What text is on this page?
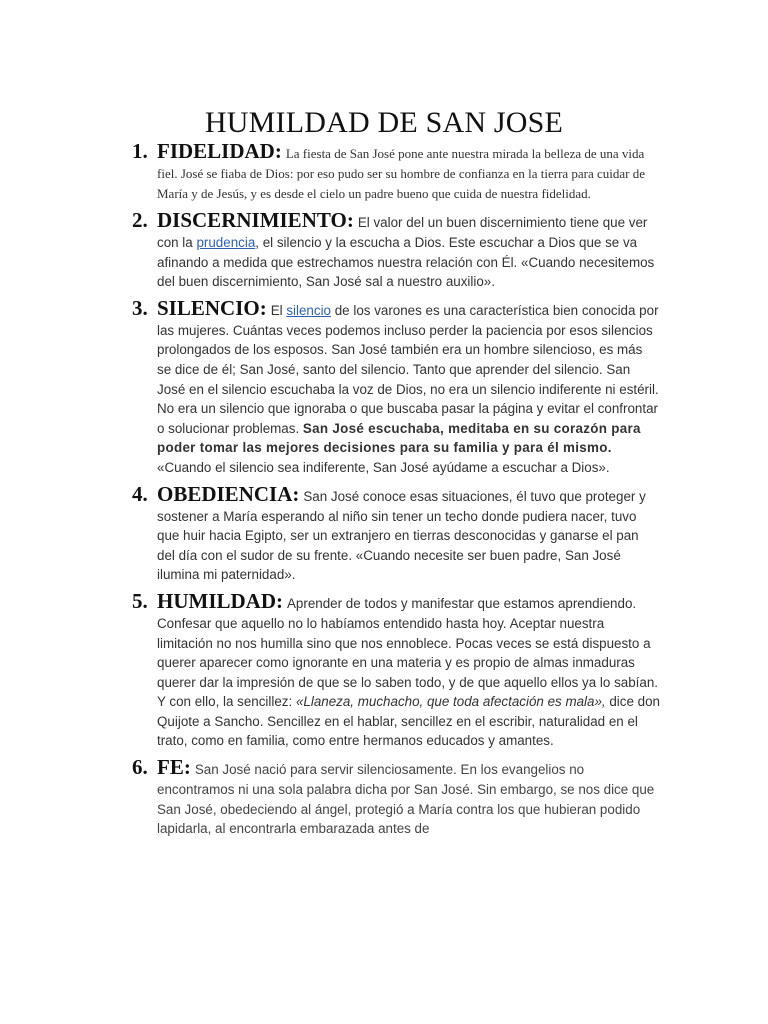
HUMILDAD DE SAN JOSE
1. FIDELIDAD: La fiesta de San José pone ante nuestra mirada la belleza de una vida fiel. José se fiaba de Dios: por eso pudo ser su hombre de confianza en la tierra para cuidar de María y de Jesús, y es desde el cielo un padre bueno que cuida de nuestra fidelidad.
2. DISCERNIMIENTO: El valor del un buen discernimiento tiene que ver con la prudencia, el silencio y la escucha a Dios. Este escuchar a Dios que se va afinando a medida que estrechamos nuestra relación con Él. «Cuando necesitemos del buen discernimiento, San José sal a nuestro auxilio».
3. SILENCIO: El silencio de los varones es una característica bien conocida por las mujeres. Cuántas veces podemos incluso perder la paciencia por esos silencios prolongados de los esposos. San José también era un hombre silencioso, es más se dice de él; San José, santo del silencio. Tanto que aprender del silencio. San José en el silencio escuchaba la voz de Dios, no era un silencio indiferente ni estéril. No era un silencio que ignoraba o que buscaba pasar la página y evitar el confrontar o solucionar problemas. San José escuchaba, meditaba en su corazón para poder tomar las mejores decisiones para su familia y para él mismo. «Cuando el silencio sea indiferente, San José ayúdame a escuchar a Dios».
4. OBEDIENCIA: San José conoce esas situaciones, él tuvo que proteger y sostener a María esperando al niño sin tener un techo donde pudiera nacer, tuvo que huir hacia Egipto, ser un extranjero en tierras desconocidas y ganarse el pan del día con el sudor de su frente. «Cuando necesite ser buen padre, San José ilumina mi paternidad».
5. HUMILDAD: Aprender de todos y manifestar que estamos aprendiendo. Confesar que aquello no lo habíamos entendido hasta hoy. Aceptar nuestra limitación no nos humilla sino que nos ennoblece. Pocas veces se está dispuesto a querer aparecer como ignorante en una materia y es propio de almas inmaduras querer dar la impresión de que se lo saben todo, y de que aquello ellos ya lo sabían. Y con ello, la sencillez: «Llaneza, muchacho, que toda afectación es mala», dice don Quijote a Sancho. Sencillez en el hablar, sencillez en el escribir, naturalidad en el trato, como en familia, como entre hermanos educados y amantes.
6. FE: San José nació para servir silenciosamente. En los evangelios no encontramos ni una sola palabra dicha por San José. Sin embargo, se nos dice que San José, obedeciendo al ángel, protegió a María contra los que hubieran podido lapidarla, al encontrarla embarazada antes de
